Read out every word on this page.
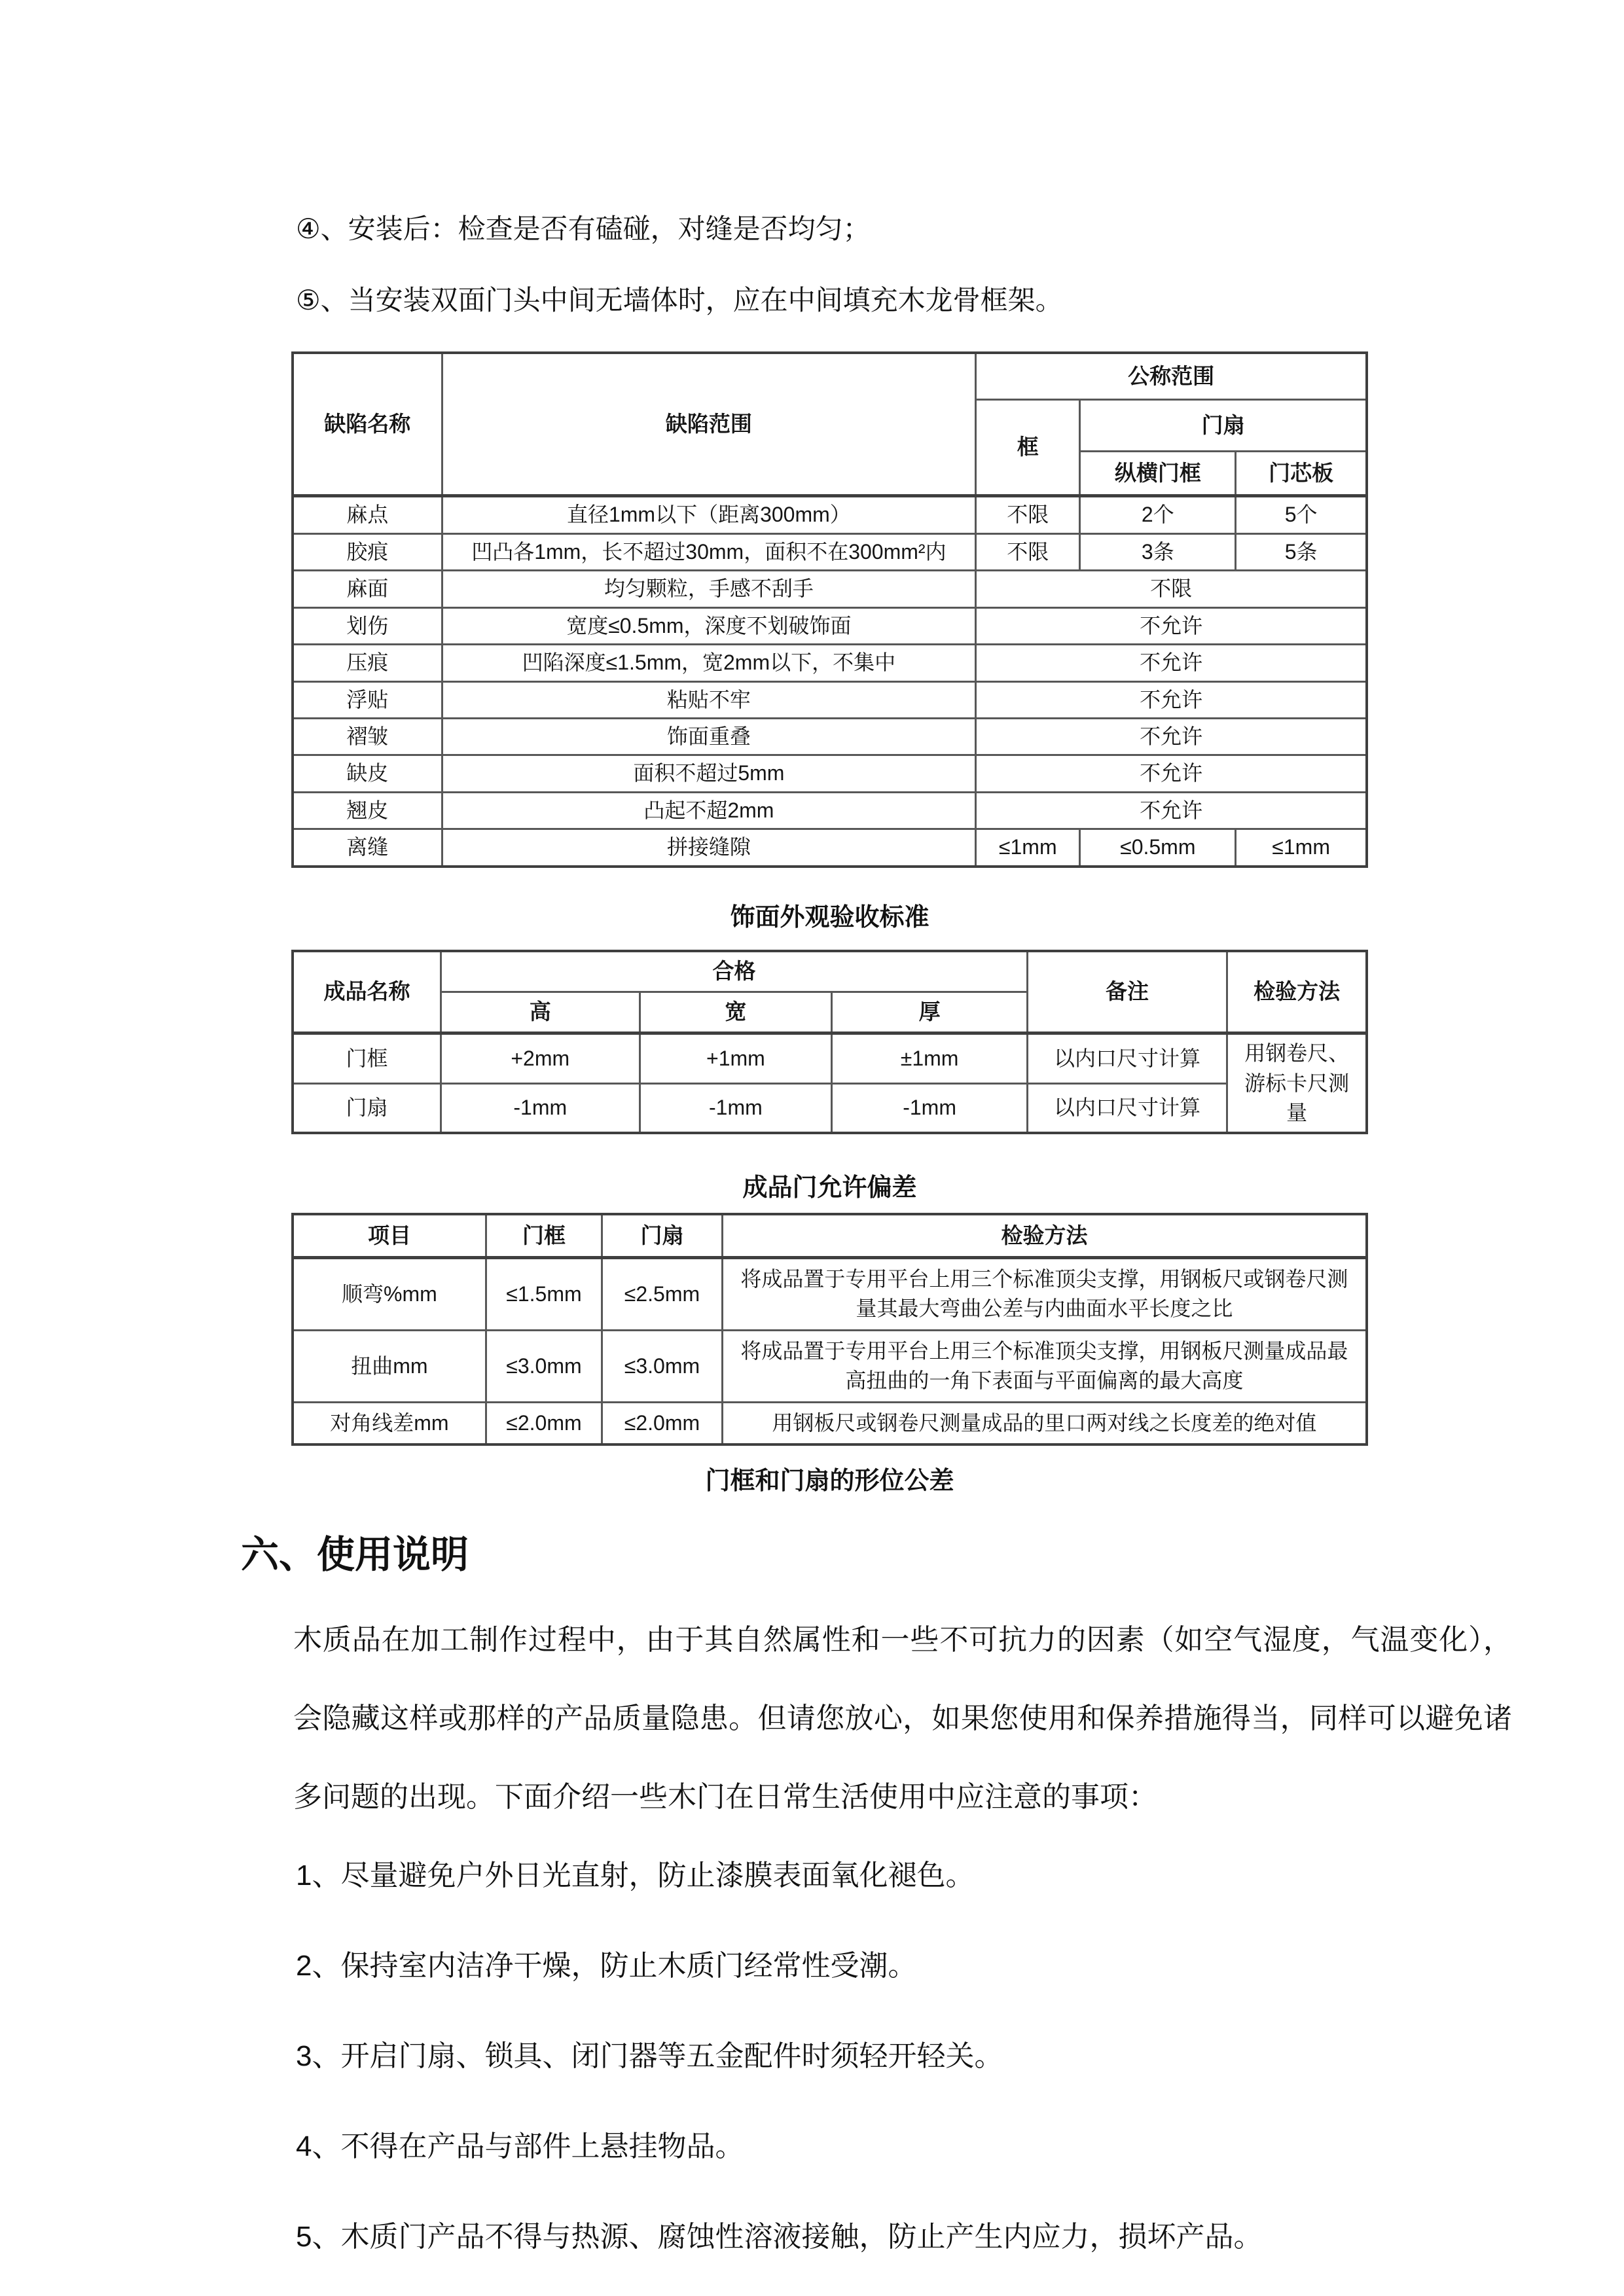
④、安装后：检查是否有磕碰，对缝是否均匀；

⑤、当安装双面门头中间无墙体时，应在中间填充木龙骨框架。

缺陷名称	缺陷范围	公称范围		
		框	门扇	
			纵横门框	门芯板
麻点	直径1mm以下（距离300mm）	不限	2个	5个
胶痕	凹凸各1mm，长不超过30mm，面积不在300mm²内	不限	3条	5条
麻面	均匀颗粒，手感不刮手	不限		
划伤	宽度≤0.5mm，深度不划破饰面	不允许		
压痕	凹陷深度≤1.5mm，宽2mm以下，不集中	不允许		
浮贴	粘贴不牢	不允许		
褶皱	饰面重叠	不允许		
缺皮	面积不超过5mm	不允许		
翘皮	凸起不超2mm	不允许		
离缝	拼接缝隙	≤1mm	≤0.5mm	≤1mm

饰面外观验收标准

成品名称	合格			备注	检验方法
	高	宽	厚		
门框	+2mm	+1mm	±1mm	以内口尺寸计算	用钢卷尺、游标卡尺测量
门扇	-1mm	-1mm	-1mm	以内口尺寸计算	

成品门允许偏差

项目	门框	门扇	检验方法
顺弯%mm	≤1.5mm	≤2.5mm	将成品置于专用平台上用三个标准顶尖支撑，用钢板尺或钢卷尺测量其最大弯曲公差与内曲面水平长度之比
扭曲mm	≤3.0mm	≤3.0mm	将成品置于专用平台上用三个标准顶尖支撑，用钢板尺测量成品最高扭曲的一角下表面与平面偏离的最大高度
对角线差mm	≤2.0mm	≤2.0mm	用钢板尺或钢卷尺测量成品的里口两对线之长度差的绝对值

门框和门扇的形位公差

六、使用说明

木质品在加工制作过程中，由于其自然属性和一些不可抗力的因素（如空气湿度，气温变化），会隐藏这样或那样的产品质量隐患。但请您放心，如果您使用和保养措施得当，同样可以避免诸多问题的出现。下面介绍一些木门在日常生活使用中应注意的事项：

1、尽量避免户外日光直射，防止漆膜表面氧化褪色。

2、保持室内洁净干燥，防止木质门经常性受潮。

3、开启门扇、锁具、闭门器等五金配件时须轻开轻关。

4、不得在产品与部件上悬挂物品。

5、木质门产品不得与热源、腐蚀性溶液接触，防止产生内应力，损坏产品。
